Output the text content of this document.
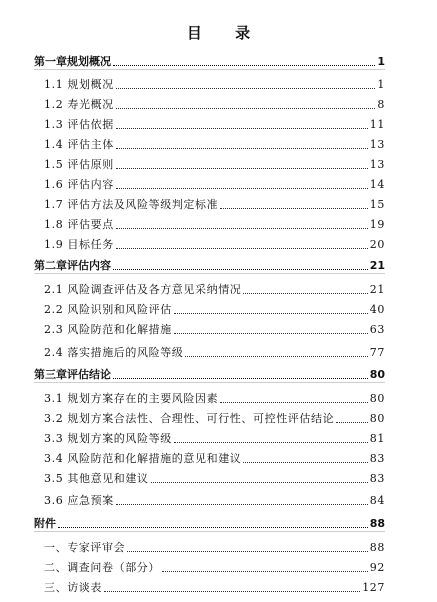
目 录
第一章规划概况	1
1.1 规划概况	1
1.2 寿光概况	8
1.3 评估依据	11
1.4 评估主体	13
1.5 评估原则	13
1.6 评估内容	14
1.7 评估方法及风险等级判定标准	15
1.8 评估要点	19
1.9 目标任务	20
第二章评估内容	21
2.1 风险调查评估及各方意见采纳情况	21
2.2 风险识别和风险评估	40
2.3 风险防范和化解措施	63
2.4 落实措施后的风险等级	77
第三章评估结论	80
3.1 规划方案存在的主要风险因素	80
3.2 规划方案合法性、合理性、可行性、可控性评估结论	80
3.3 规划方案的风险等级	81
3.4 风险防范和化解措施的意见和建议	83
3.5 其他意见和建议	83
3.6 应急预案	84
附件	88
一、专家评审会	88
二、调查问卷（部分）	92
三、访谈表	127
